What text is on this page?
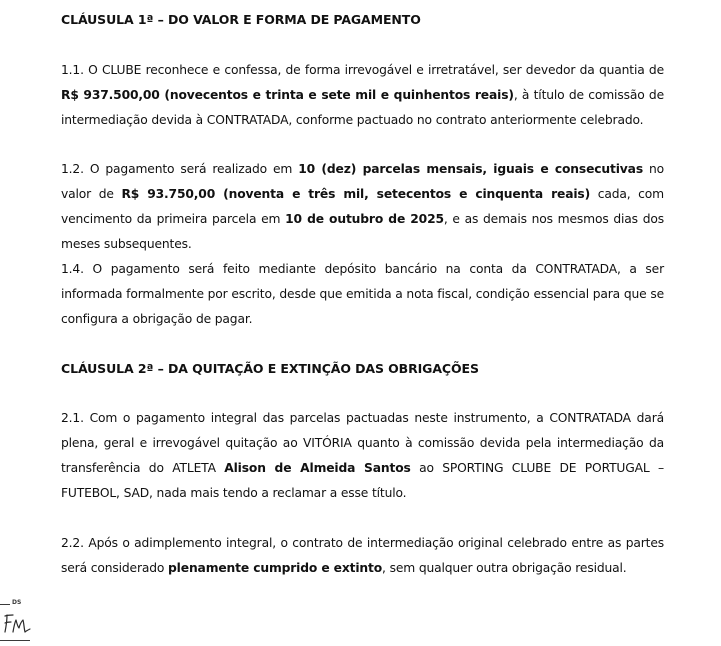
CLÁUSULA 1ª – DO VALOR E FORMA DE PAGAMENTO

1.1. O CLUBE reconhece e confessa, de forma irrevogável e irretratável, ser devedor da quantia de R$ 937.500,00 (novecentos e trinta e sete mil e quinhentos reais), à título de comissão de intermediação devida à CONTRATADA, conforme pactuado no contrato anteriormente celebrado.

1.2. O pagamento será realizado em 10 (dez) parcelas mensais, iguais e consecutivas no valor de R$ 93.750,00 (noventa e três mil, setecentos e cinquenta reais) cada, com vencimento da primeira parcela em 10 de outubro de 2025, e as demais nos mesmos dias dos meses subsequentes.

1.4. O pagamento será feito mediante depósito bancário na conta da CONTRATADA, a ser informada formalmente por escrito, desde que emitida a nota fiscal, condição essencial para que se configura a obrigação de pagar.

CLÁUSULA 2ª – DA QUITAÇÃO E EXTINÇÃO DAS OBRIGAÇÕES

2.1. Com o pagamento integral das parcelas pactuadas neste instrumento, a CONTRATADA dará plena, geral e irrevogável quitação ao VITÓRIA quanto à comissão devida pela intermediação da transferência do ATLETA Alison de Almeida Santos ao SPORTING CLUBE DE PORTUGAL – FUTEBOL, SAD, nada mais tendo a reclamar a esse título.

2.2. Após o adimplemento integral, o contrato de intermediação original celebrado entre as partes será considerado plenamente cumprido e extinto, sem qualquer outra obrigação residual.

DS
